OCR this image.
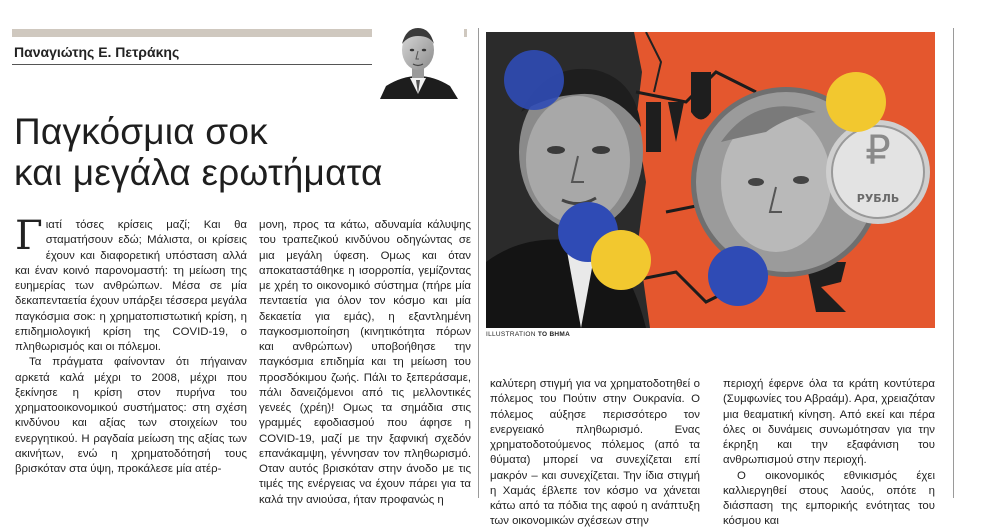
Παναγιώτης Ε. Πετράκης
Παγκόσμια σοκ
και μεγάλα ερωτήματα

Γιατί τόσες κρίσεις μαζί; Και θα σταματήσουν εδώ; Μάλιστα, οι κρίσεις έχουν και διαφορετική υπόσταση αλλά και έναν κοινό παρονομαστή: τη μείωση της ευημερίας των ανθρώπων. Μέσα σε μία δεκαπενταετία έχουν υπάρξει τέσσερα μεγάλα παγκόσμια σοκ: η χρηματοπιστωτική κρίση, η επιδημιολογική κρίση της COVID-19, ο πληθωρισμός και οι πόλεμοι.

Τα πράγματα φαίνονταν ότι πήγαιναν αρκετά καλά μέχρι το 2008, μέχρι που ξεκίνησε η κρίση στον πυρήνα του χρηματοοικονομικού συστήματος: στη σχέση κινδύνου και αξίας των στοιχείων του ενεργητικού. Η ραγδαία μείωση της αξίας των ακινήτων, ενώ η χρηματοδότησή τους βρισκόταν στα ύψη, προκάλεσε μία ατέρ-

μονη, προς τα κάτω, αδυναμία κάλυψης του τραπεζικού κινδύνου οδηγώντας σε μια μεγάλη ύφεση. Ομως και όταν αποκαταστάθηκε η ισορροπία, γεμίζοντας με χρέη το οικονομικό σύστημα (πήρε μία πενταετία για όλον τον κόσμο και μία δεκαετία για εμάς), η εξαντλημένη παγκοσμιοποίηση (κινητικότητα πόρων και ανθρώπων) υποβοήθησε την παγκόσμια επιδημία και τη μείωση του προσδόκιμου ζωής. Πάλι το ξεπεράσαμε, πάλι δανειζόμενοι από τις μελλοντικές γενεές (χρέη)! Ομως τα σημάδια στις γραμμές εφοδιασμού που άφησε η COVID-19, μαζί με την ξαφνική σχεδόν επανάκαμψη, γέννησαν τον πληθωρισμό. Οταν αυτός βρισκόταν στην άνοδο με τις τιμές της ενέργειας να έχουν πάρει για τα καλά την ανιούσα, ήταν προφανώς η

καλύτερη στιγμή για να χρηματοδοτηθεί ο πόλεμος του Πούτιν στην Ουκρανία. Ο πόλεμος αύξησε περισσότερο τον ενεργειακό πληθωρισμό. Ενας χρηματοδοτούμενος πόλεμος (από τα θύματα) μπορεί να συνεχίζεται επί μακρόν – και συνεχίζεται. Την ίδια στιγμή η Χαμάς έβλεπε τον κόσμο να χάνεται κάτω από τα πόδια της αφού η ανάπτυξη των οικονομικών σχέσεων στην

περιοχή έφερνε όλα τα κράτη κοντύτερα (Συμφωνίες του Αβραάμ). Αρα, χρειαζόταν μια θεαματική κίνηση. Από εκεί και πέρα όλες οι δυνάμεις συνωμότησαν για την έκρηξη και την εξαφάνιση του ανθρωπισμού στην περιοχή.

Ο οικονομικός εθνικισμός έχει καλλιεργηθεί στους λαούς, οπότε η διάσπαση της εμπορικής ενότητας του κόσμου και

₽
РУБЛЬ
ILLUSTRATION ΤΟ ΒΗΜΑ
